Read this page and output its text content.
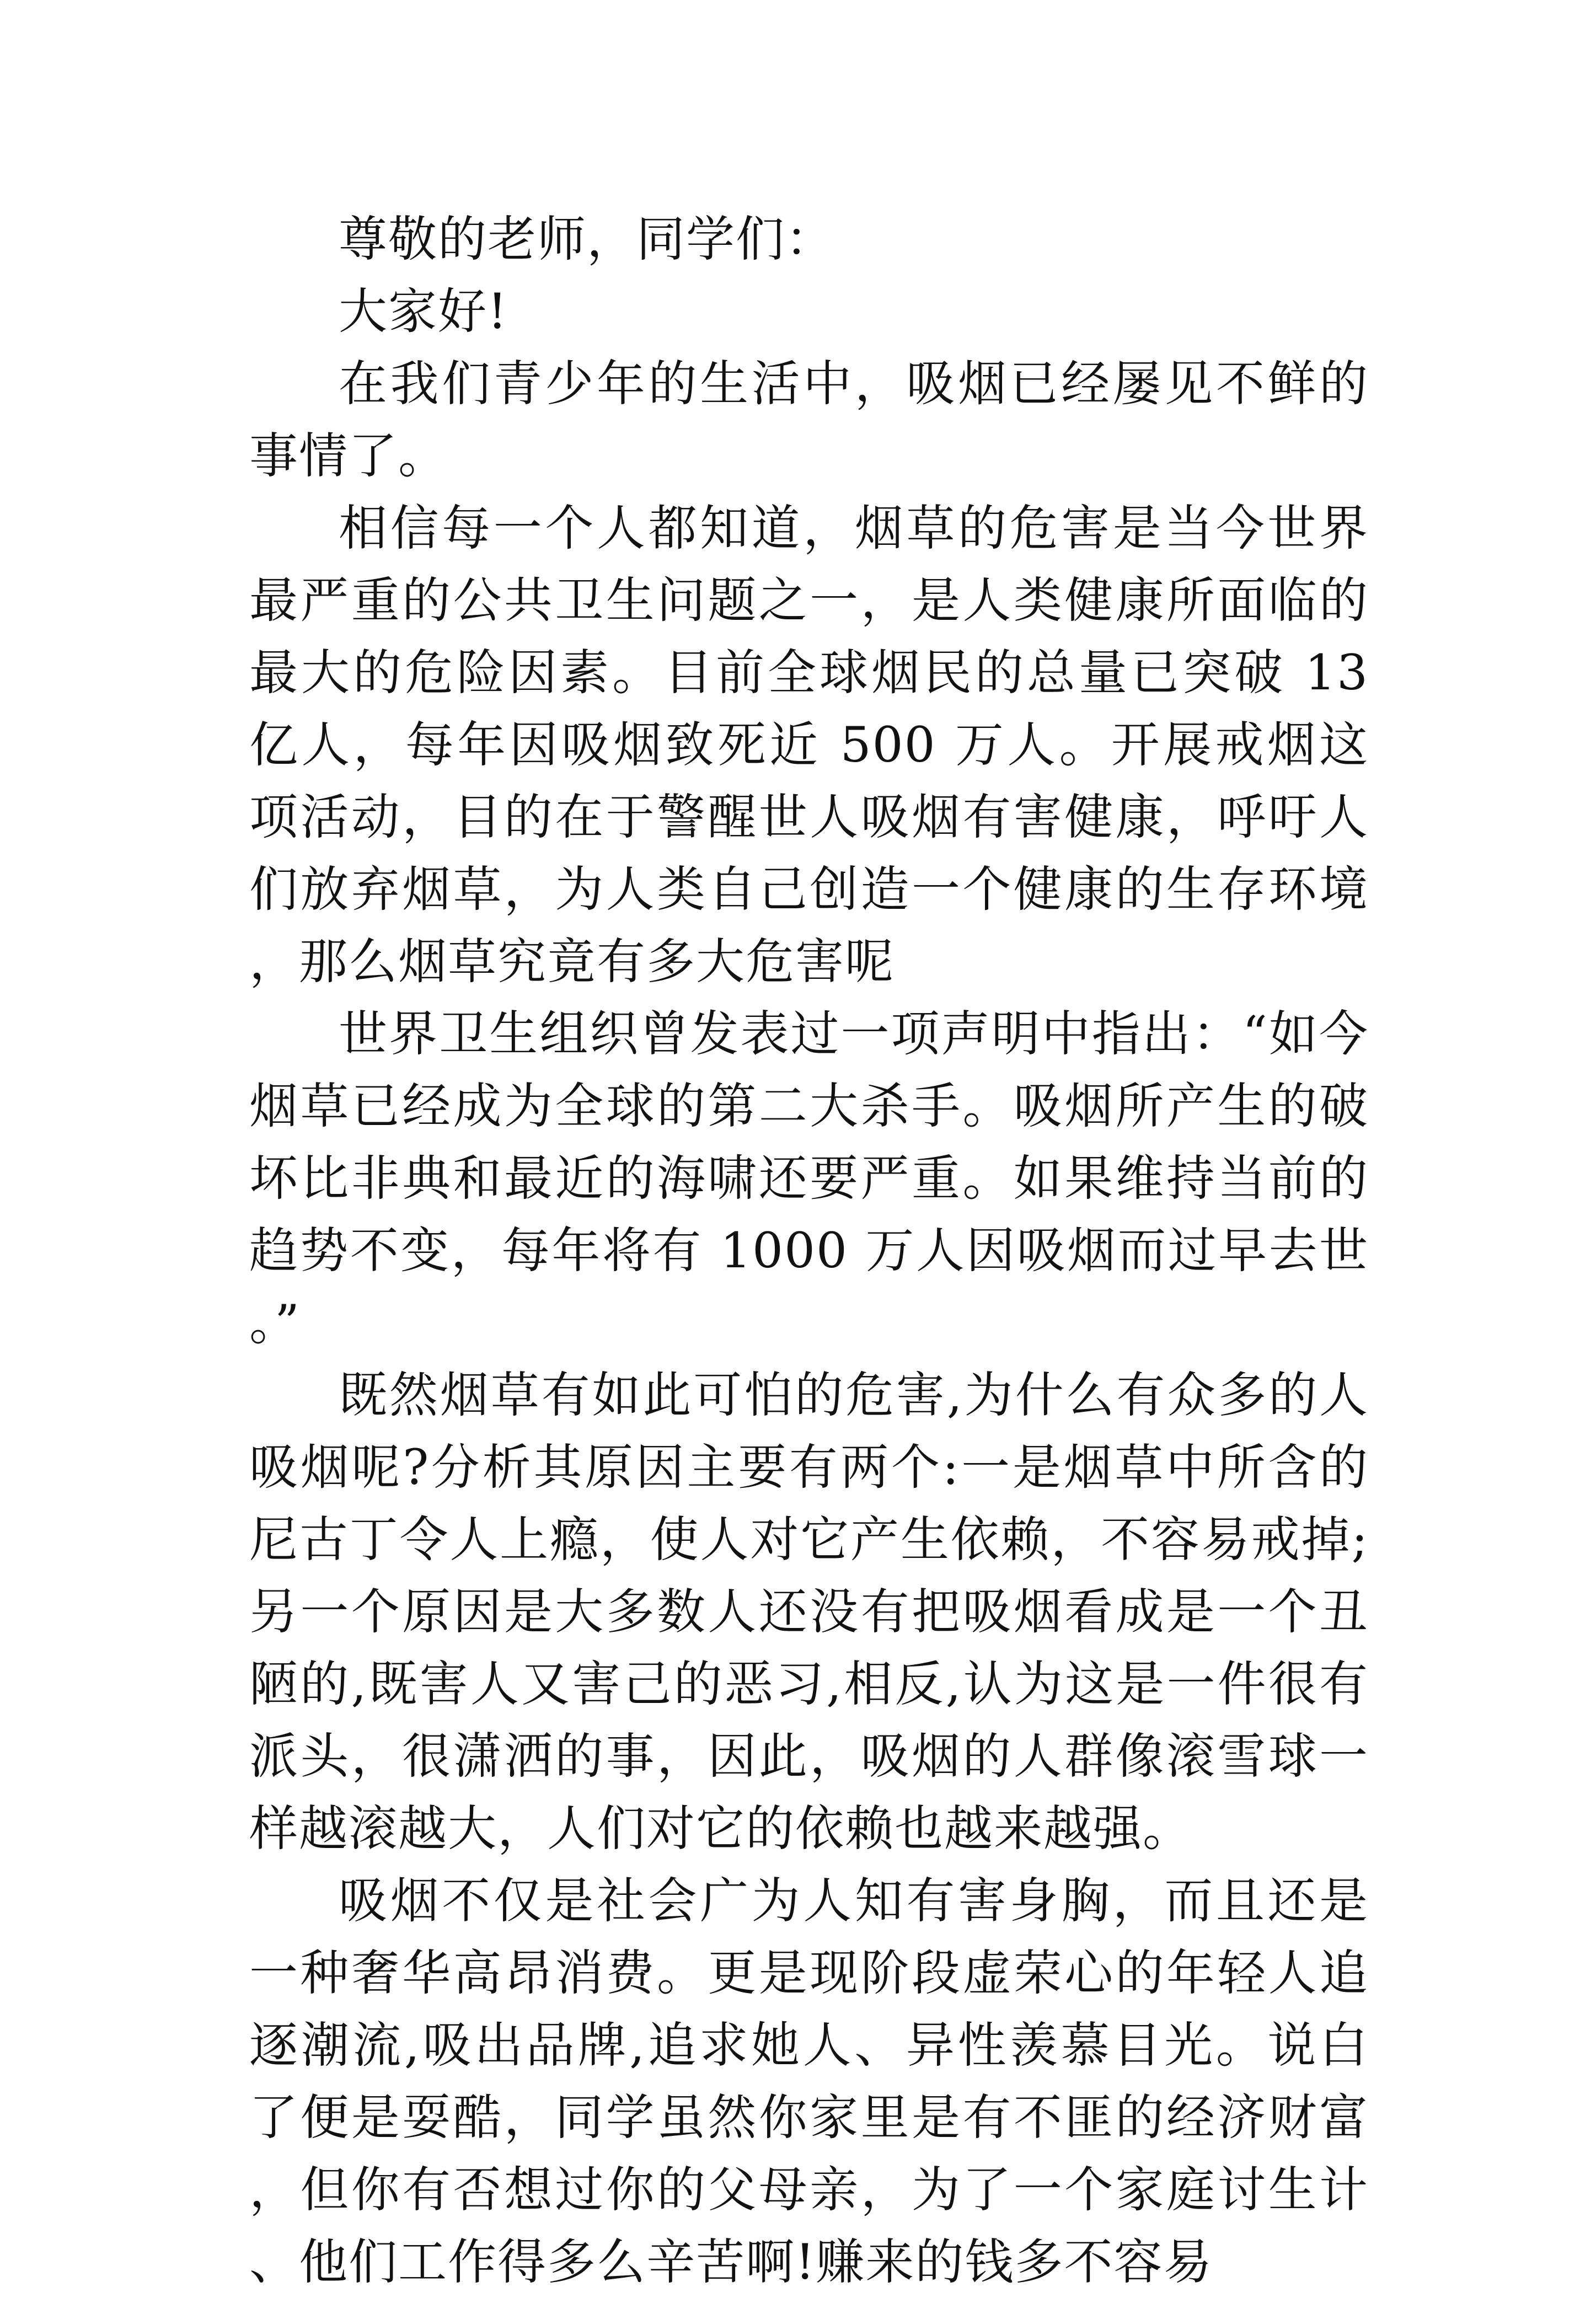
尊敬的老师，同学们：

大家好!

在我们青少年的生活中，吸烟已经屡见不鲜的事情了。

相信每一个人都知道，烟草的危害是当今世界最严重的公共卫生问题之一，是人类健康所面临的最大的危险因素。目前全球烟民的总量已突破 13 亿人，每年因吸烟致死近 500 万人。开展戒烟这项活动，目的在于警醒世人吸烟有害健康，呼吁人们放弃烟草，为人类自己创造一个健康的生存环境，那么烟草究竟有多大危害呢

世界卫生组织曾发表过一项声明中指出：“如今烟草已经成为全球的第二大杀手。吸烟所产生的破坏比非典和最近的海啸还要严重。如果维持当前的趋势不变，每年将有 1000 万人因吸烟而过早去世。”

既然烟草有如此可怕的危害,为什么有众多的人吸烟呢?分析其原因主要有两个:一是烟草中所含的尼古丁令人上瘾，使人对它产生依赖，不容易戒掉;另一个原因是大多数人还没有把吸烟看成是一个丑陋的,既害人又害己的恶习,相反,认为这是一件很有派头，很潇洒的事，因此，吸烟的人群像滚雪球一样越滚越大，人们对它的依赖也越来越强。

吸烟不仅是社会广为人知有害身胸，而且还是一种奢华高昂消费。更是现阶段虚荣心的年轻人追逐潮流,吸出品牌,追求她人、异性羡慕目光。说白了便是耍酷，同学虽然你家里是有不匪的经济财富，但你有否想过你的父母亲，为了一个家庭讨生计、他们工作得多么辛苦啊!赚来的钱多不容易
